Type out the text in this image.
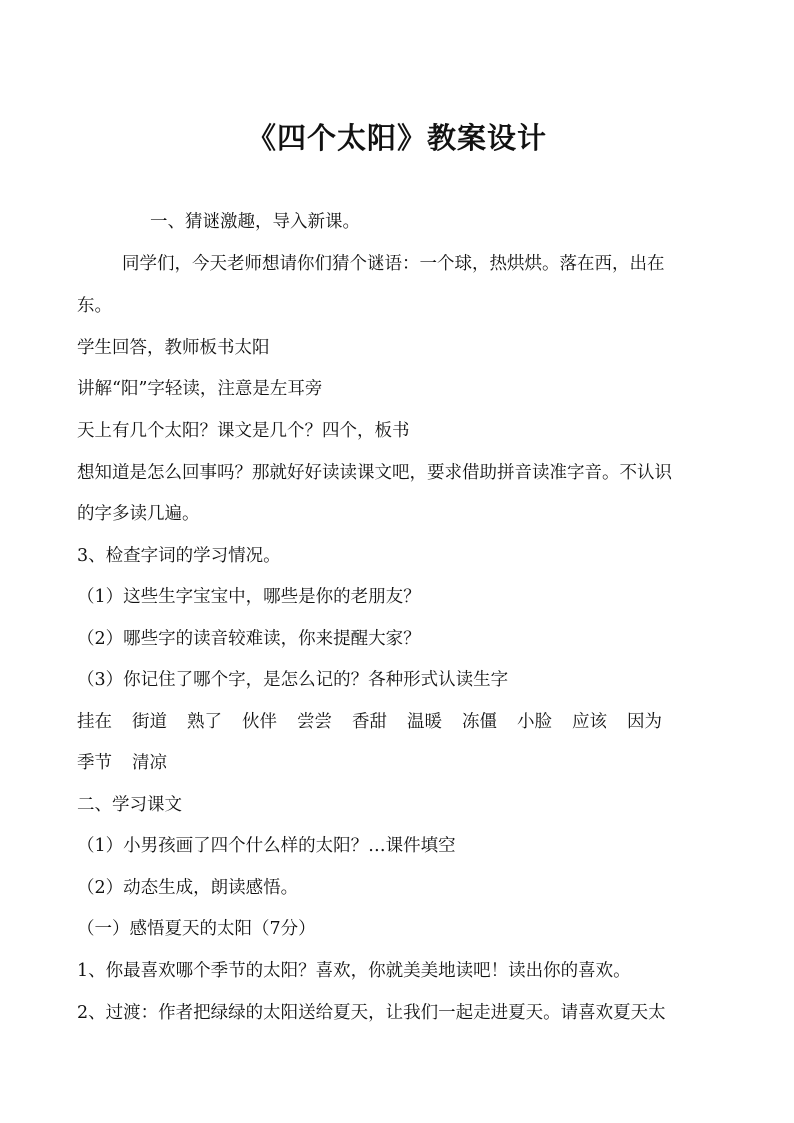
《四个太阳》教案设计
一、猜谜激趣，导入新课。
同学们，今天老师想请你们猜个谜语：一个球，热烘烘。落在西，出在
东。
学生回答，教师板书太阳
讲解“阳”字轻读，注意是左耳旁
天上有几个太阳？课文是几个？四个，板书
想知道是怎么回事吗？那就好好读读课文吧，要求借助拼音读准字音。不认识
的字多读几遍。
3、检查字词的学习情况。
（1）这些生字宝宝中，哪些是你的老朋友？
（2）哪些字的读音较难读，你来提醒大家？
（3）你记住了哪个字，是怎么记的？各种形式认读生字
挂在 街道 熟了 伙伴 尝尝 香甜 温暖 冻僵 小脸 应该 因为
季节 清凉
二、学习课文
（1）小男孩画了四个什么样的太阳？…课件填空
（2）动态生成，朗读感悟。
（一）感悟夏天的太阳（7分）
1、你最喜欢哪个季节的太阳？喜欢，你就美美地读吧！读出你的喜欢。
2、过渡：作者把绿绿的太阳送给夏天，让我们一起走进夏天。请喜欢夏天太
